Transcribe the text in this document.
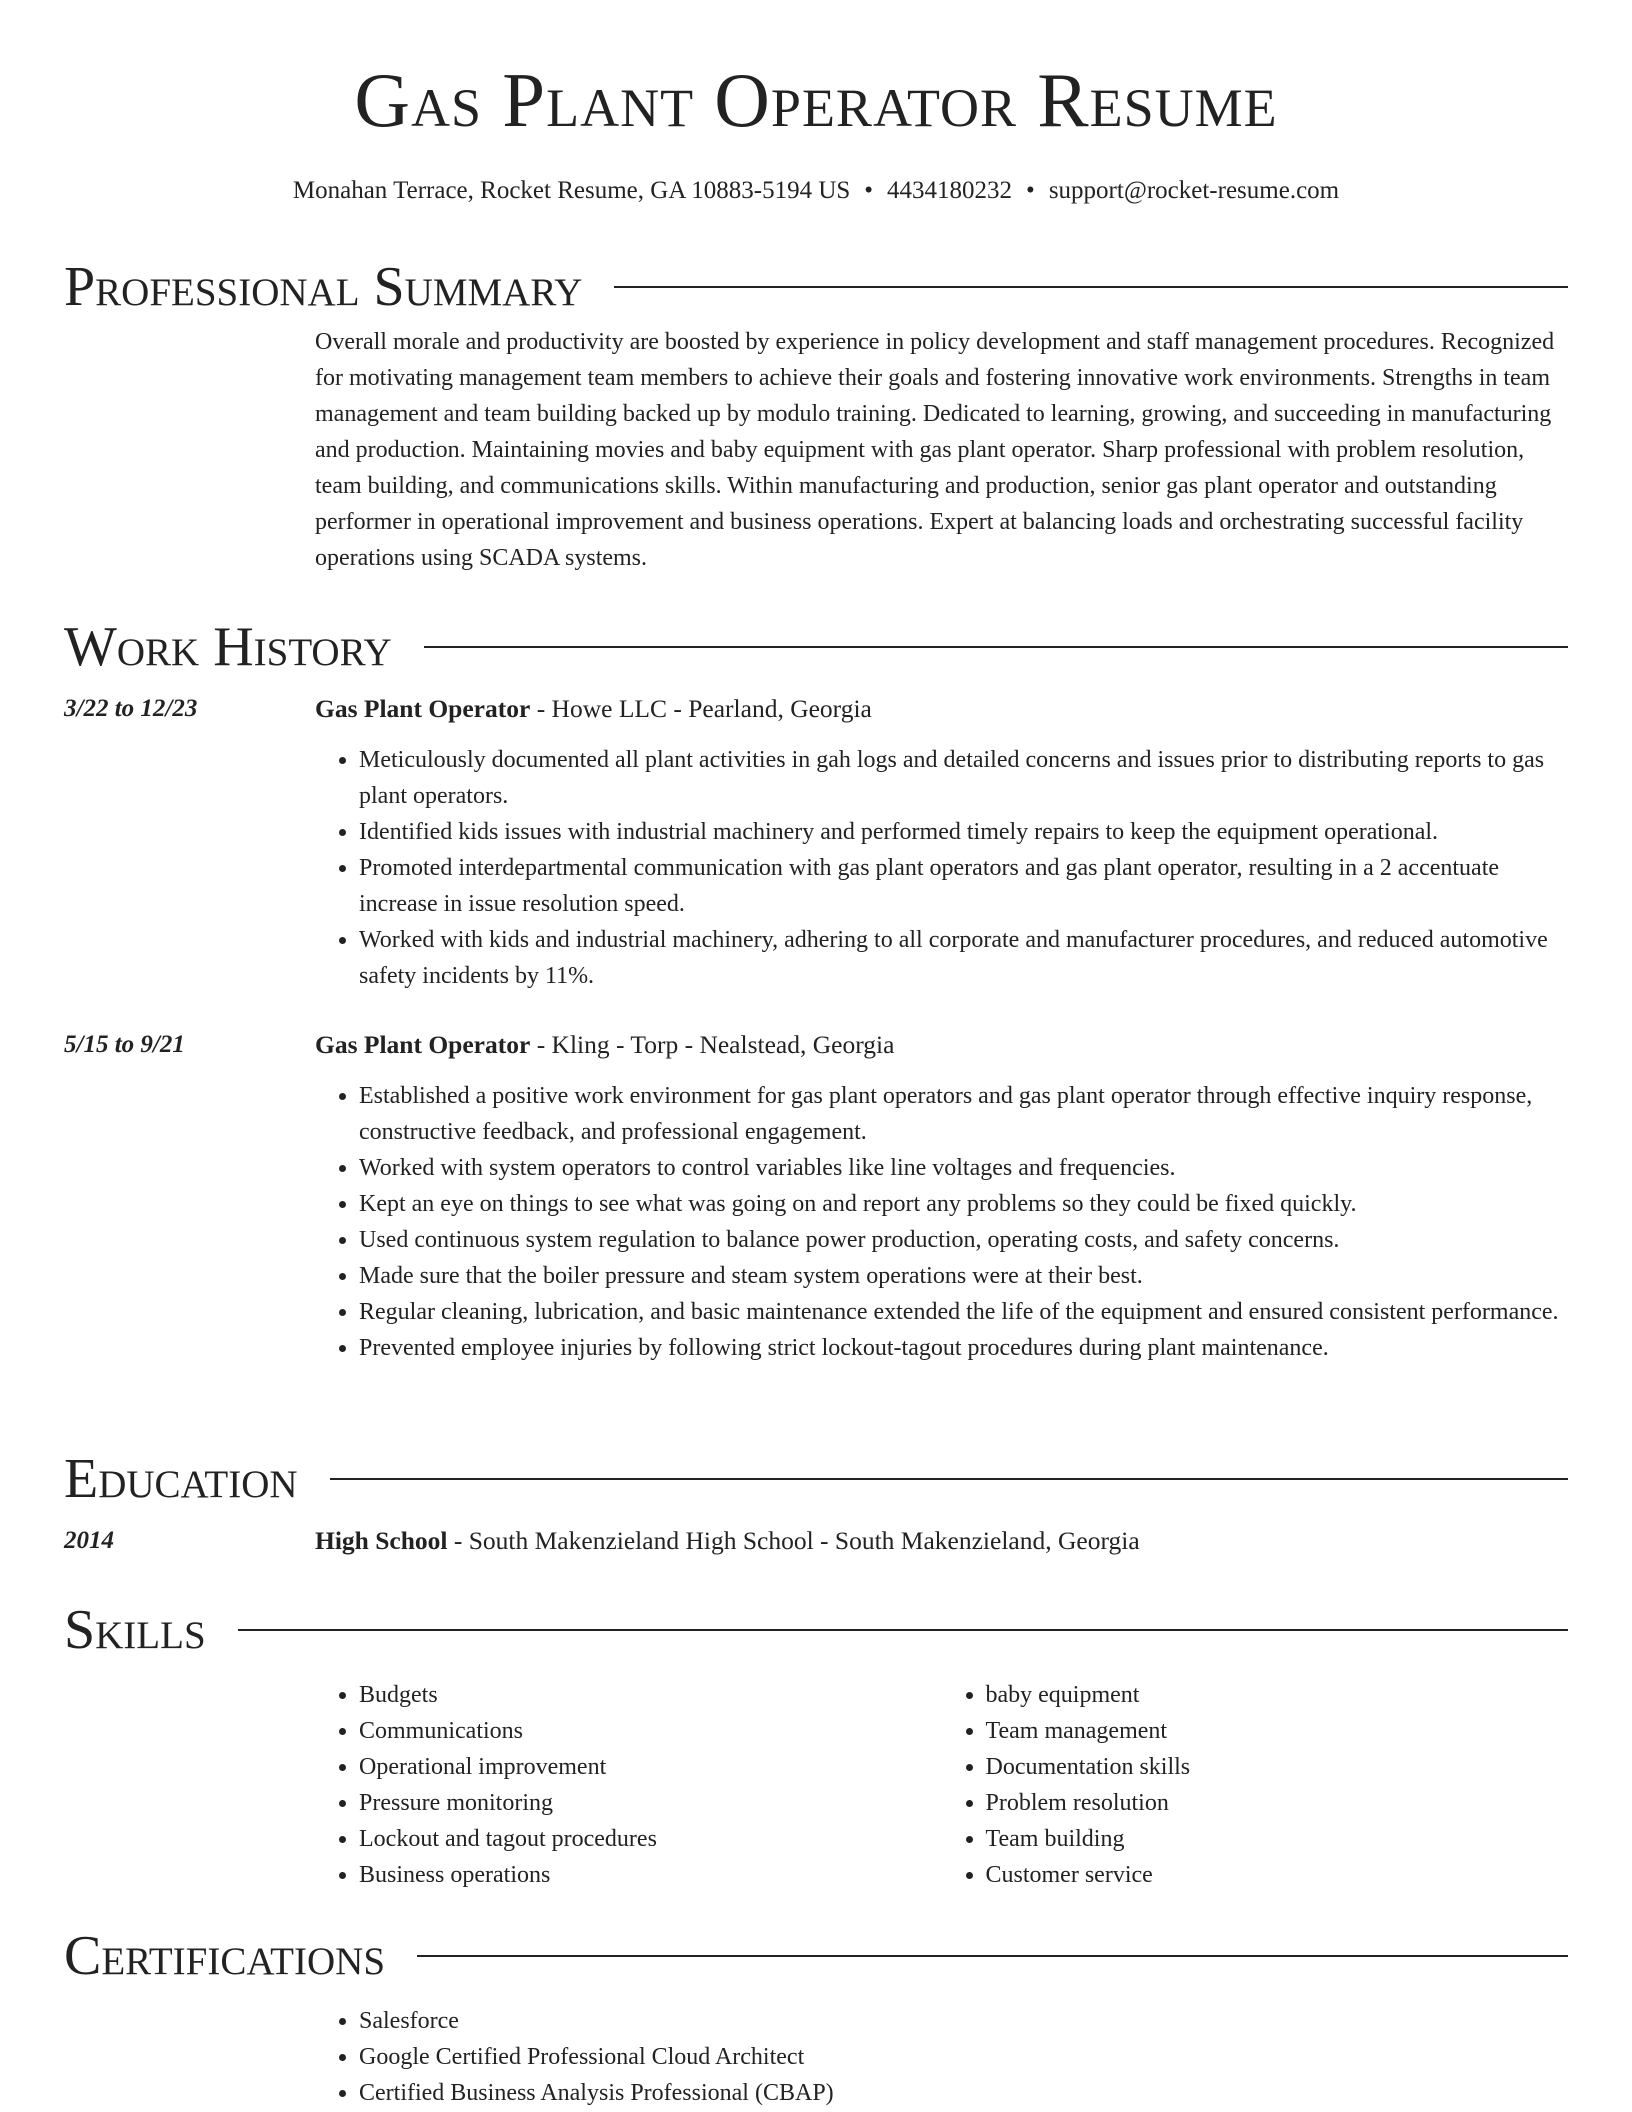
Gas Plant Operator Resume
Monahan Terrace, Rocket Resume, GA 10883-5194 US • 4434180232 • support@rocket-resume.com
Professional Summary

Overall morale and productivity are boosted by experience in policy development and staff management procedures. Recognized for motivating management team members to achieve their goals and fostering innovative work environments. Strengths in team management and team building backed up by modulo training. Dedicated to learning, growing, and succeeding in manufacturing and production. Maintaining movies and baby equipment with gas plant operator. Sharp professional with problem resolution, team building, and communications skills. Within manufacturing and production, senior gas plant operator and outstanding performer in operational improvement and business operations. Expert at balancing loads and orchestrating successful facility operations using SCADA systems.

Work History
3/22 to 12/23	Gas Plant Operator - Howe LLC - Pearland, Georgia
• Meticulously documented all plant activities in gah logs and detailed concerns and issues prior to distributing reports to gas plant operators.
• Identified kids issues with industrial machinery and performed timely repairs to keep the equipment operational.
• Promoted interdepartmental communication with gas plant operators and gas plant operator, resulting in a 2 accentuate increase in issue resolution speed.
• Worked with kids and industrial machinery, adhering to all corporate and manufacturer procedures, and reduced automotive safety incidents by 11%.
5/15 to 9/21	Gas Plant Operator - Kling - Torp - Nealstead, Georgia
• Established a positive work environment for gas plant operators and gas plant operator through effective inquiry response, constructive feedback, and professional engagement.
• Worked with system operators to control variables like line voltages and frequencies.
• Kept an eye on things to see what was going on and report any problems so they could be fixed quickly.
• Used continuous system regulation to balance power production, operating costs, and safety concerns.
• Made sure that the boiler pressure and steam system operations were at their best.
• Regular cleaning, lubrication, and basic maintenance extended the life of the equipment and ensured consistent performance.
• Prevented employee injuries by following strict lockout-tagout procedures during plant maintenance.
Education
2014	High School - South Makenzieland High School - South Makenzieland, Georgia
Skills
• Budgets
• Communications
• Operational improvement
• Pressure monitoring
• Lockout and tagout procedures
• Business operations
• baby equipment
• Team management
• Documentation skills
• Problem resolution
• Team building
• Customer service
Certifications
• Salesforce
• Google Certified Professional Cloud Architect
• Certified Business Analysis Professional (CBAP)
